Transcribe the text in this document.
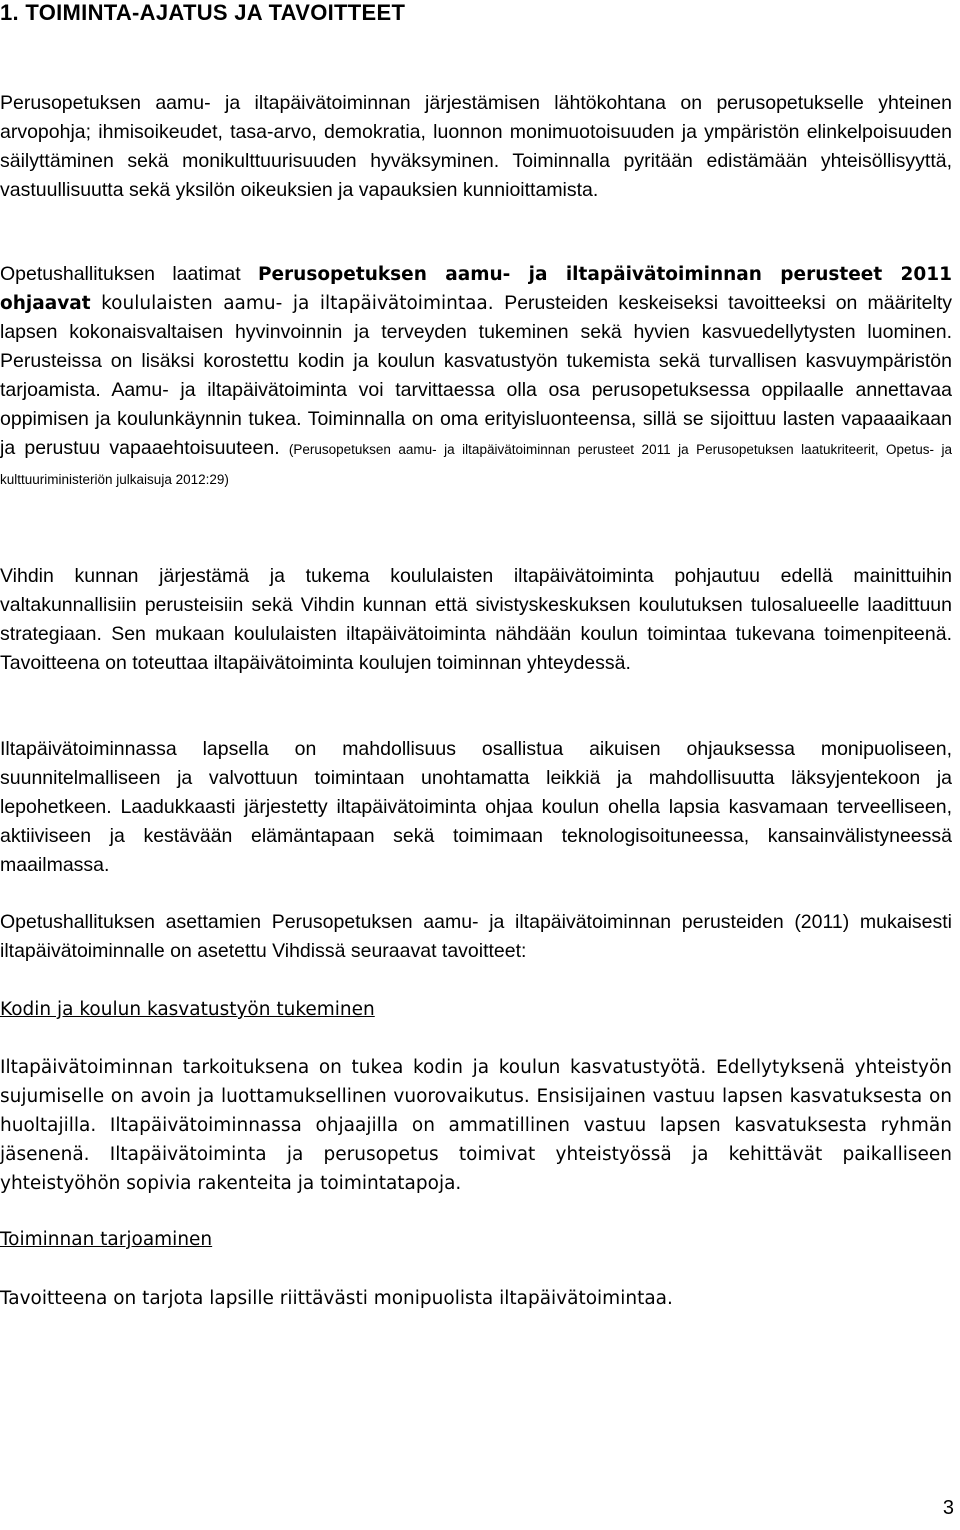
1. TOIMINTA-AJATUS JA TAVOITTEET

Perusopetuksen aamu- ja iltapäivätoiminnan järjestämisen lähtökohtana on perusopetukselle yhteinen arvopohja; ihmisoikeudet, tasa-arvo, demokratia, luonnon monimuotoisuuden ja ympäristön elinkelpoisuuden säilyttäminen sekä monikulttuurisuuden hyväksyminen. Toiminnalla pyritään edistämään yhteisöllisyyttä, vastuullisuutta sekä yksilön oikeuksien ja vapauksien kunnioittamista.

Opetushallituksen laatimat Perusopetuksen aamu- ja iltapäivätoiminnan perusteet 2011 ohjaavat koululaisten aamu- ja iltapäivätoimintaa. Perusteiden keskeiseksi tavoitteeksi on määritelty lapsen kokonaisvaltaisen hyvinvoinnin ja terveyden tukeminen sekä hyvien kasvuedellytysten luominen. Perusteissa on lisäksi korostettu kodin ja koulun kasvatustyön tukemista sekä turvallisen kasvuympäristön tarjoamista. Aamu- ja iltapäivätoiminta voi tarvittaessa olla osa perusopetuksessa oppilaalle annettavaa oppimisen ja koulunkäynnin tukea. Toiminnalla on oma erityisluonteensa, sillä se sijoittuu lasten vapaaaikaan ja perustuu vapaaehtoisuuteen. (Perusopetuksen aamu- ja iltapäivätoiminnan perusteet 2011 ja Perusopetuksen laatukriteerit, Opetus- ja kulttuuriministeriön julkaisuja 2012:29)

Vihdin kunnan järjestämä ja tukema koululaisten iltapäivätoiminta pohjautuu edellä mainittuihin valtakunnallisiin perusteisiin sekä Vihdin kunnan että sivistyskeskuksen koulutuksen tulosalueelle laadittuun strategiaan. Sen mukaan koululaisten iltapäivätoiminta nähdään koulun toimintaa tukevana toimenpiteenä. Tavoitteena on toteuttaa iltapäivätoiminta koulujen toiminnan yhteydessä.

Iltapäivätoiminnassa lapsella on mahdollisuus osallistua aikuisen ohjauksessa monipuoliseen, suunnitelmalliseen ja valvottuun toimintaan unohtamatta leikkiä ja mahdollisuutta läksyjentekoon ja lepohetkeen. Laadukkaasti järjestetty iltapäivätoiminta ohjaa koulun ohella lapsia kasvamaan terveelliseen, aktiiviseen ja kestävään elämäntapaan sekä toimimaan teknologisoituneessa, kansainvälistyneessä maailmassa.

Opetushallituksen asettamien Perusopetuksen aamu- ja iltapäivätoiminnan perusteiden (2011) mukaisesti iltapäivätoiminnalle on asetettu Vihdissä seuraavat tavoitteet:

Kodin ja koulun kasvatustyön tukeminen

Iltapäivätoiminnan tarkoituksena on tukea kodin ja koulun kasvatustyötä. Edellytyksenä yhteistyön sujumiselle on avoin ja luottamuksellinen vuorovaikutus. Ensisijainen vastuu lapsen kasvatuksesta on huoltajilla. Iltapäivätoiminnassa ohjaajilla on ammatillinen vastuu lapsen kasvatuksesta ryhmän jäsenenä. Iltapäivätoiminta ja perusopetus toimivat yhteistyössä ja kehittävät paikalliseen yhteistyöhön sopivia rakenteita ja toimintatapoja.

Toiminnan tarjoaminen

Tavoitteena on tarjota lapsille riittävästi monipuolista iltapäivätoimintaa.

3
